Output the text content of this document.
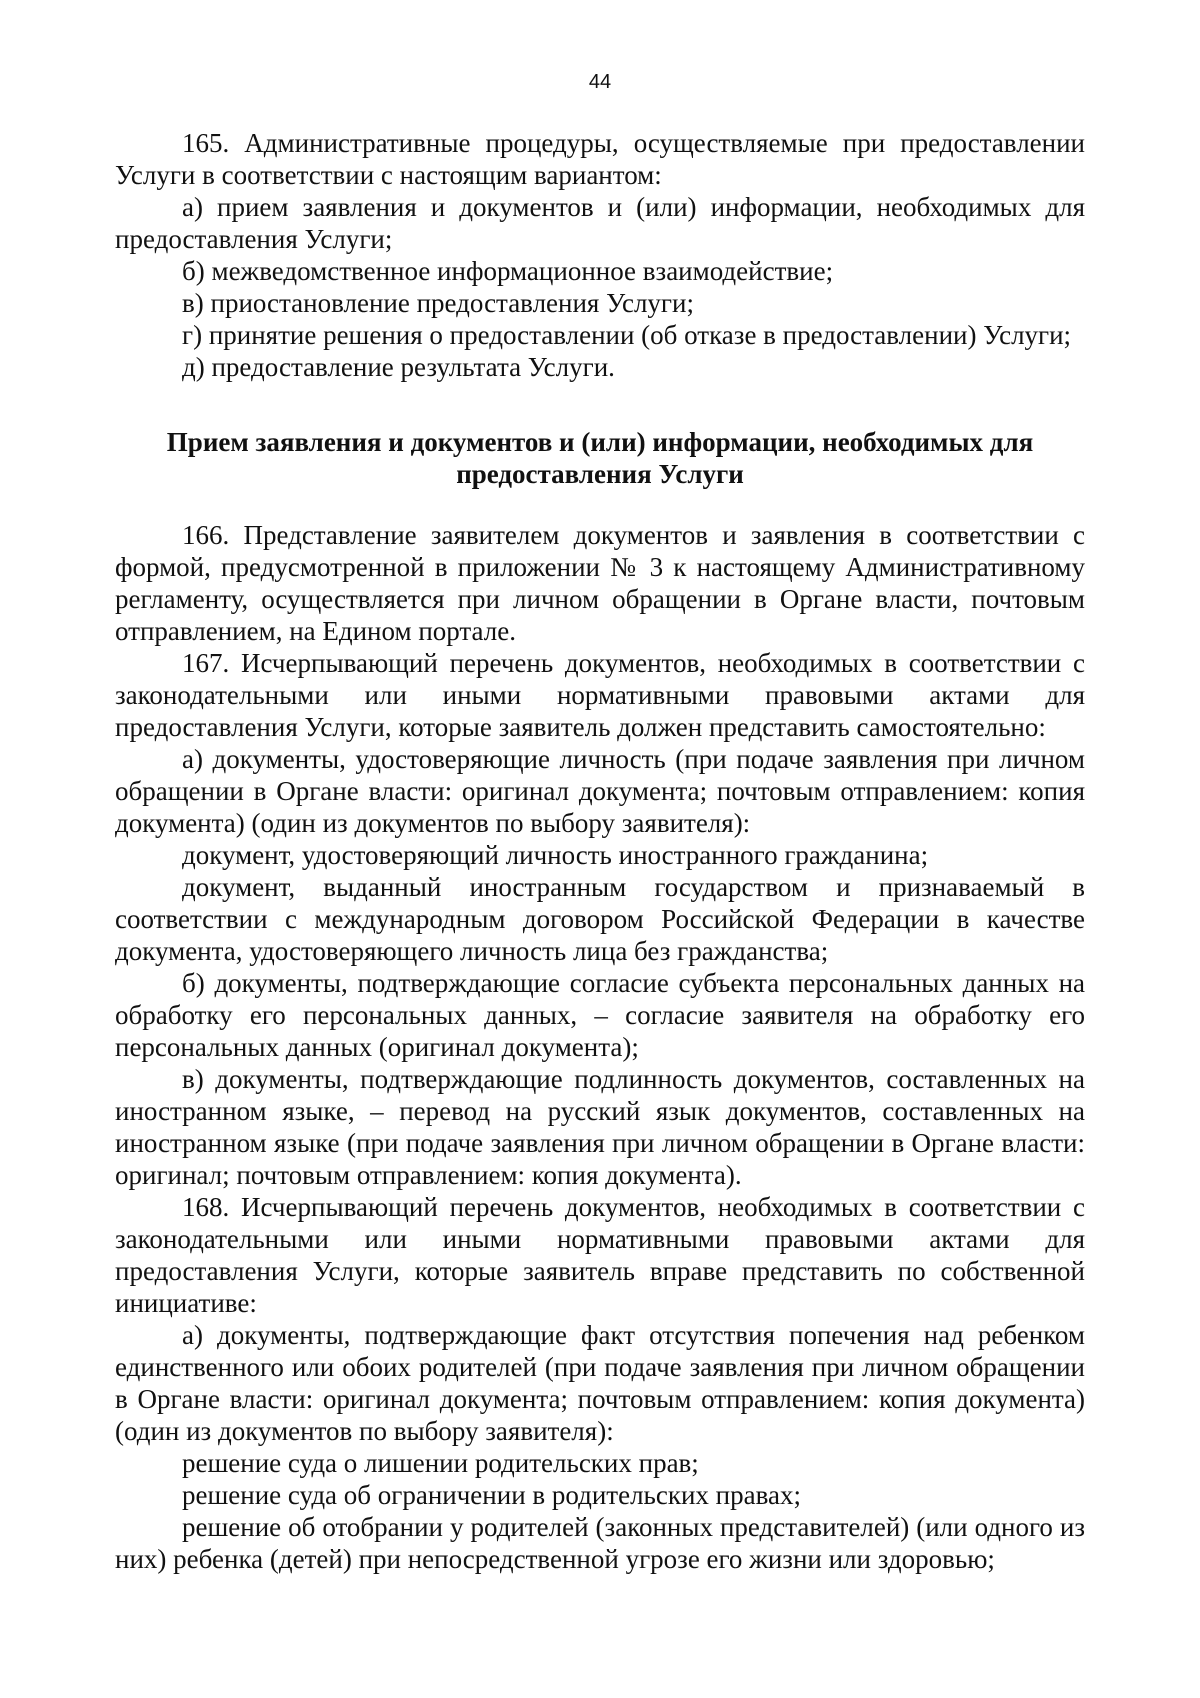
44

165. Административные процедуры, осуществляемые при предоставлении Услуги в соответствии с настоящим вариантом:

а) прием заявления и документов и (или) информации, необходимых для предоставления Услуги;

б) межведомственное информационное взаимодействие;

в) приостановление предоставления Услуги;

г) принятие решения о предоставлении (об отказе в предоставлении) Услуги;

д) предоставление результата Услуги.

Прием заявления и документов и (или) информации, необходимых для
предоставления Услуги

166. Представление заявителем документов и заявления в соответствии с формой, предусмотренной в приложении № 3 к настоящему Административному регламенту, осуществляется при личном обращении в Органе власти, почтовым отправлением, на Едином портале.

167. Исчерпывающий перечень документов, необходимых в соответствии с законодательными или иными нормативными правовыми актами для предоставления Услуги, которые заявитель должен представить самостоятельно:

а) документы, удостоверяющие личность (при подаче заявления при личном обращении в Органе власти: оригинал документа; почтовым отправлением: копия документа) (один из документов по выбору заявителя):

документ, удостоверяющий личность иностранного гражданина;

документ, выданный иностранным государством и признаваемый в соответствии с международным договором Российской Федерации в качестве документа, удостоверяющего личность лица без гражданства;

б) документы, подтверждающие согласие субъекта персональных данных на обработку его персональных данных, – согласие заявителя на обработку его персональных данных (оригинал документа);

в) документы, подтверждающие подлинность документов, составленных на иностранном языке, – перевод на русский язык документов, составленных на иностранном языке (при подаче заявления при личном обращении в Органе власти: оригинал; почтовым отправлением: копия документа).

168. Исчерпывающий перечень документов, необходимых в соответствии с законодательными или иными нормативными правовыми актами для предоставления Услуги, которые заявитель вправе представить по собственной инициативе:

а) документы, подтверждающие факт отсутствия попечения над ребенком единственного или обоих родителей (при подаче заявления при личном обращении в Органе власти: оригинал документа; почтовым отправлением: копия документа) (один из документов по выбору заявителя):

решение суда о лишении родительских прав;

решение суда об ограничении в родительских правах;

решение об отобрании у родителей (законных представителей) (или одного из них) ребенка (детей) при непосредственной угрозе его жизни или здоровью;
